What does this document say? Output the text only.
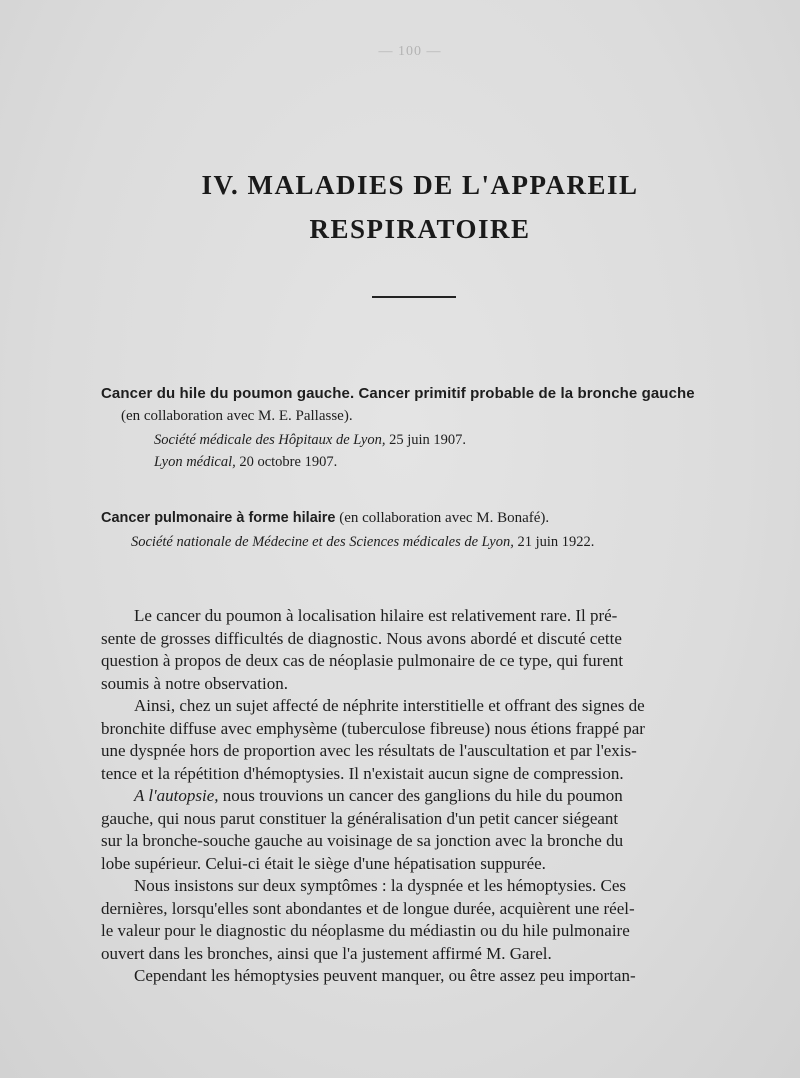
— 100 —
IV. MALADIES DE L'APPAREIL
RESPIRATOIRE
Cancer du hile du poumon gauche. Cancer primitif probable de la bronche gauche
(en collaboration avec M. E. Pallasse).
Société médicale des Hôpitaux de Lyon, 25 juin 1907.
Lyon médical, 20 octobre 1907.
Cancer pulmonaire à forme hilaire (en collaboration avec M. Bonafé).
Société nationale de Médecine et des Sciences médicales de Lyon, 21 juin 1922.

Le cancer du poumon à localisation hilaire est relativement rare. Il pré-

sente de grosses difficultés de diagnostic. Nous avons abordé et discuté cette

question à propos de deux cas de néoplasie pulmonaire de ce type, qui furent

soumis à notre observation.

Ainsi, chez un sujet affecté de néphrite interstitielle et offrant des signes de

bronchite diffuse avec emphysème (tuberculose fibreuse) nous étions frappé par

une dyspnée hors de proportion avec les résultats de l'auscultation et par l'exis-

tence et la répétition d'hémoptysies. Il n'existait aucun signe de compression.

A l'autopsie, nous trouvions un cancer des ganglions du hile du poumon

gauche, qui nous parut constituer la généralisation d'un petit cancer siégeant

sur la bronche-souche gauche au voisinage de sa jonction avec la bronche du

lobe supérieur. Celui-ci était le siège d'une hépatisation suppurée.

Nous insistons sur deux symptômes : la dyspnée et les hémoptysies. Ces

dernières, lorsqu'elles sont abondantes et de longue durée, acquièrent une réel-

le valeur pour le diagnostic du néoplasme du médiastin ou du hile pulmonaire

ouvert dans les bronches, ainsi que l'a justement affirmé M. Garel.

Cependant les hémoptysies peuvent manquer, ou être assez peu importan-
